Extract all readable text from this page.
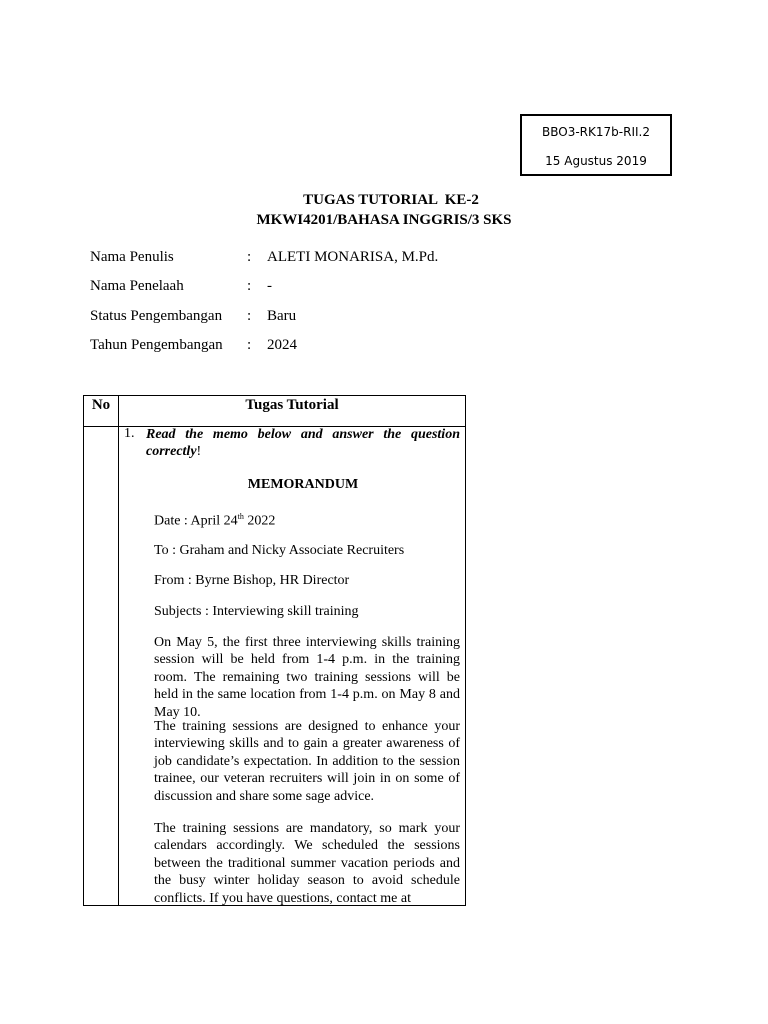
BBO3-RK17b-RII.2
15 Agustus 2019
TUGAS TUTORIAL  KE-2
MKWI4201/BAHASA INGGRIS/3 SKS
Nama Penulis	: ALETI MONARISA, M.Pd.
Nama Penelaah	: -
Status Pengembangan : Baru
Tahun Pengembangan : 2024
No	Tugas Tutorial
1. Read the memo below and answer the question correctly!
MEMORANDUM
Date : April 24th 2022
To : Graham and Nicky Associate Recruiters
From : Byrne Bishop, HR Director
Subjects : Interviewing skill training
On May 5, the first three interviewing skills training session will be held from 1-4 p.m. in the training room. The remaining two training sessions will be held in the same location from 1-4 p.m. on May 8 and May 10.
The training sessions are designed to enhance your interviewing skills and to gain a greater awareness of job candidate’s expectation. In addition to the session trainee, our veteran recruiters will join in on some of discussion and share some sage advice.
The training sessions are mandatory, so mark your calendars accordingly. We scheduled the sessions between the traditional summer vacation periods and the busy winter holiday season to avoid schedule conflicts. If you have questions, contact me at
